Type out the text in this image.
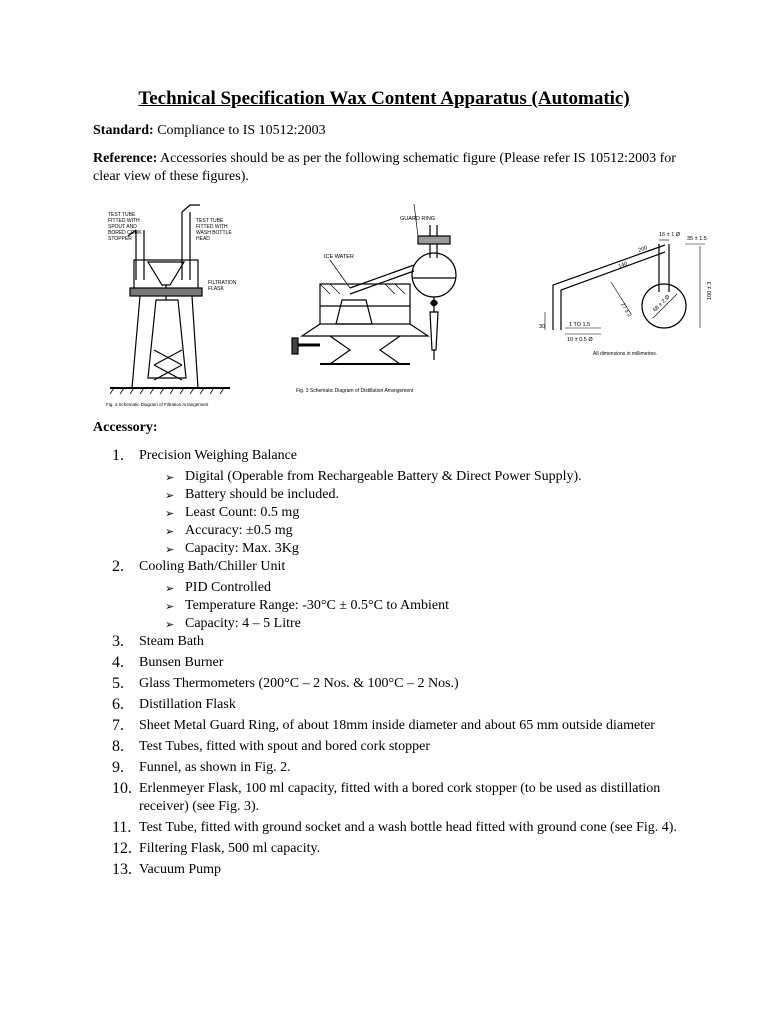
Technical Specification Wax Content Apparatus (Automatic)
Standard: Compliance to IS 10512:2003
Reference: Accessories should be as per the following schematic figure (Please refer IS 10512:2003 for clear view of these figures).
TEST TUBE
FITTED WITH
SPOUT AND
BORED CORK
STOPPER
TEST TUBE
FITTED WITH
WASH BOTTLE
HEAD
FILTRATION
FLASK
Fig. 4 Schematic Diagram of Filtration Arrangement
GUARD RING
ICE WATER
Fig. 3 Schematic Diagram of Distillation Arrangement
16 ± 1 Ø
35 ± 1.5
100 ± 3
200
140
27 ± 2	68 ± 2 Ø
30	1 TO 1.5
10 ± 0.5 Ø
All dimensions in millimetres.
Accessory:
1. Precision Weighing Balance
➢ Digital (Operable from Rechargeable Battery & Direct Power Supply).
➢ Battery should be included.
➢ Least Count: 0.5 mg
➢ Accuracy: ±0.5 mg
➢ Capacity: Max. 3Kg
2. Cooling Bath/Chiller Unit
➢ PID Controlled
➢ Temperature Range: -30°C ± 0.5°C to Ambient
➢ Capacity: 4 – 5 Litre
3. Steam Bath
4. Bunsen Burner
5. Glass Thermometers (200°C – 2 Nos. & 100°C – 2 Nos.)
6. Distillation Flask
7. Sheet Metal Guard Ring, of about 18mm inside diameter and about 65 mm outside diameter
8. Test Tubes, fitted with spout and bored cork stopper
9. Funnel, as shown in Fig. 2.
10. Erlenmeyer Flask, 100 ml capacity, fitted with a bored cork stopper (to be used as distillation receiver) (see Fig. 3).
11. Test Tube, fitted with ground socket and a wash bottle head fitted with ground cone (see Fig. 4).
12. Filtering Flask, 500 ml capacity.
13. Vacuum Pump
